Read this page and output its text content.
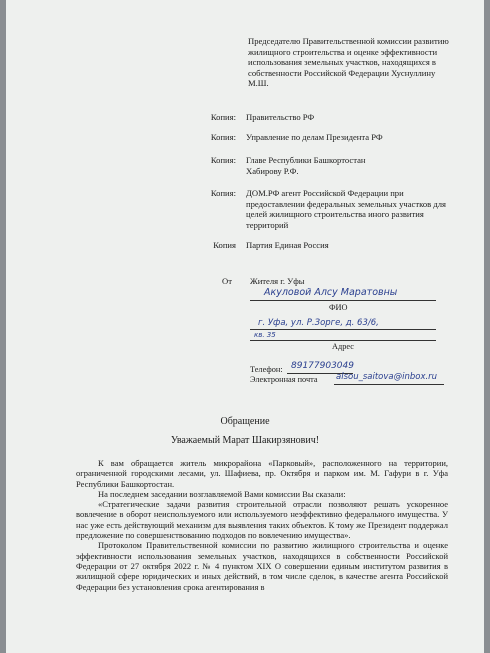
Председателю Правительственной комиссии развитию жилищного строительства и оценке эффективности использования земельных участков, находящихся в собственности Российской Федерации Хуснуллину М.Ш.
Копия: Правительство РФ
Копия: Управление по делам Президента РФ
Копия: Главе Республики Башкортостан Хабирову Р.Ф.
Копия: ДОМ.РФ агент Российской Федерации при предоставлении федеральных земельных участков для целей жилищного строительства иного развития территорий
Копия Партия Единая Россия
От Жителя г. Уфы
Акуловой Алсу Маратовны
ФИО
г. Уфа, ул. Р.Зорге, д. 63/6,
кв. 35
Адрес
Телефон: 89177903049
Электронная почта alsou_saitova@inbox.ru
Обращение
Уважаемый Марат Шакирзянович!

К вам обращается житель микрорайона «Парковый», расположенного на территории, ограниченной городскими лесами, ул. Шафиева, пр. Октября и парком им. М. Гафури в г. Уфа Республики Башкортостан.

На последнем заседании возглавляемой Вами комиссии Вы сказали:

«Стратегические задачи развития строительной отрасли позволяют решать ускоренное вовлечение в оборот неиспользуемого или используемого неэффективно федерального имущества. У нас уже есть действующий механизм для выявления таких объектов. К тому же Президент поддержал предложение по совершенствованию подходов по вовлечению имущества».

Протоколом Правительственной комиссии по развитию жилищного строительства и оценке эффективности использования земельных участков, находящихся в собственности Российской Федерации от 27 октября 2022 г. № 4 пунктом XIX О совершении единым институтом развития в жилищной сфере юридических и иных действий, в том числе сделок, в качестве агента Российской Федерации без установления срока агентирования в
